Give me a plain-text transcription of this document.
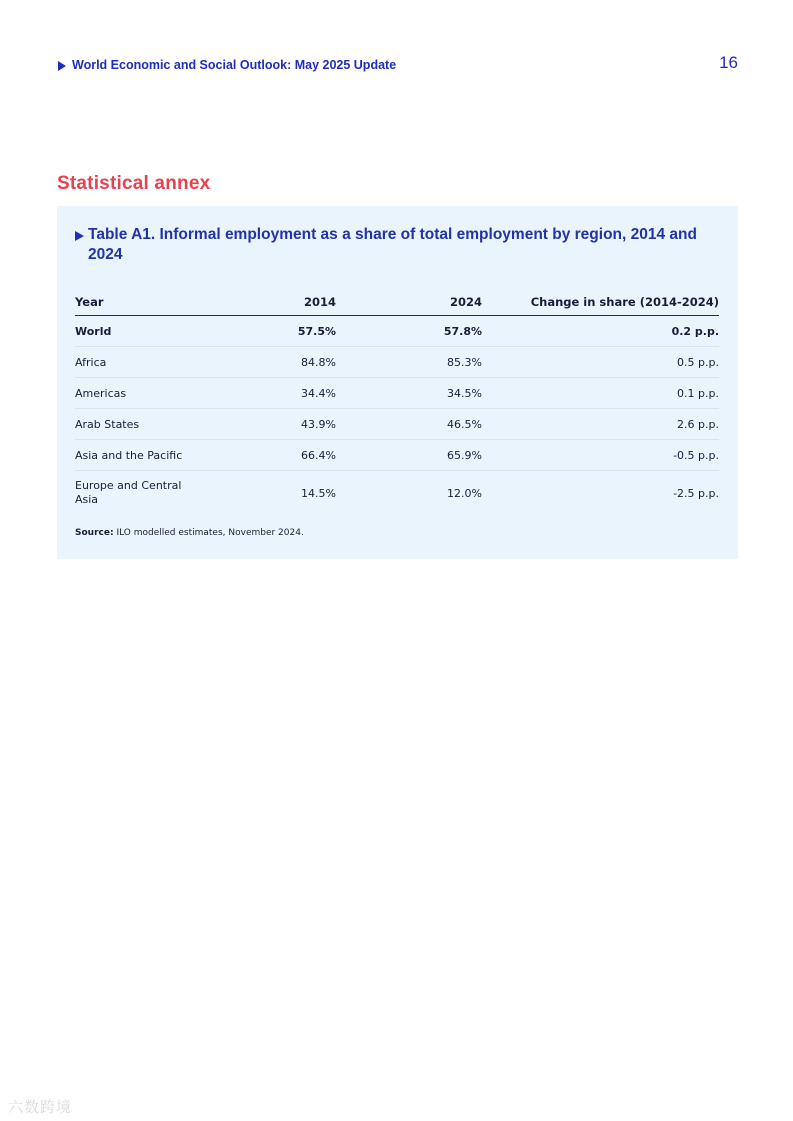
World Economic and Social Outlook: May 2025 Update	16
Statistical annex
Table A1. Informal employment as a share of total employment by region, 2014 and 2024
Year	2014	2024	Change in share (2014-2024)
World	57.5%	57.8%	0.2 p.p.
Africa	84.8%	85.3%	0.5 p.p.
Americas	34.4%	34.5%	0.1 p.p.
Arab States	43.9%	46.5%	2.6 p.p.
Asia and the Pacific	66.4%	65.9%	-0.5 p.p.
Europe and Central Asia	14.5%	12.0%	-2.5 p.p.
Source: ILO modelled estimates, November 2024.
六数跨境
